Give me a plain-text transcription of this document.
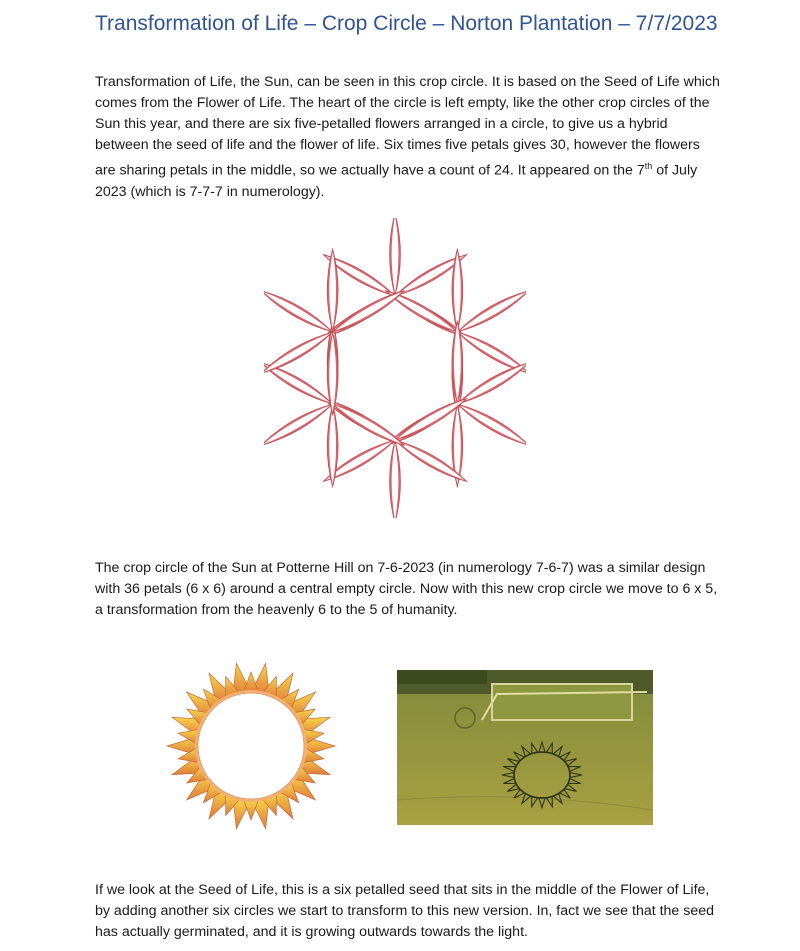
Transformation of Life – Crop Circle – Norton Plantation – 7/7/2023

Transformation of Life, the Sun, can be seen in this crop circle. It is based on the Seed of Life which comes from the Flower of Life. The heart of the circle is left empty, like the other crop circles of the Sun this year, and there are six five-petalled flowers arranged in a circle, to give us a hybrid between the seed of life and the flower of life. Six times five petals gives 30, however the flowers are sharing petals in the middle, so we actually have a count of 24. It appeared on the 7th of July 2023 (which is 7-7-7 in numerology).

The crop circle of the Sun at Potterne Hill on 7-6-2023 (in numerology 7-6-7) was a similar design with 36 petals (6 x 6) around a central empty circle. Now with this new crop circle we move to 6 x 5, a transformation from the heavenly 6 to the 5 of humanity.

If we look at the Seed of Life, this is a six petalled seed that sits in the middle of the Flower of Life, by adding another six circles we start to transform to this new version. In, fact we see that the seed has actually germinated, and it is growing outwards towards the light.
